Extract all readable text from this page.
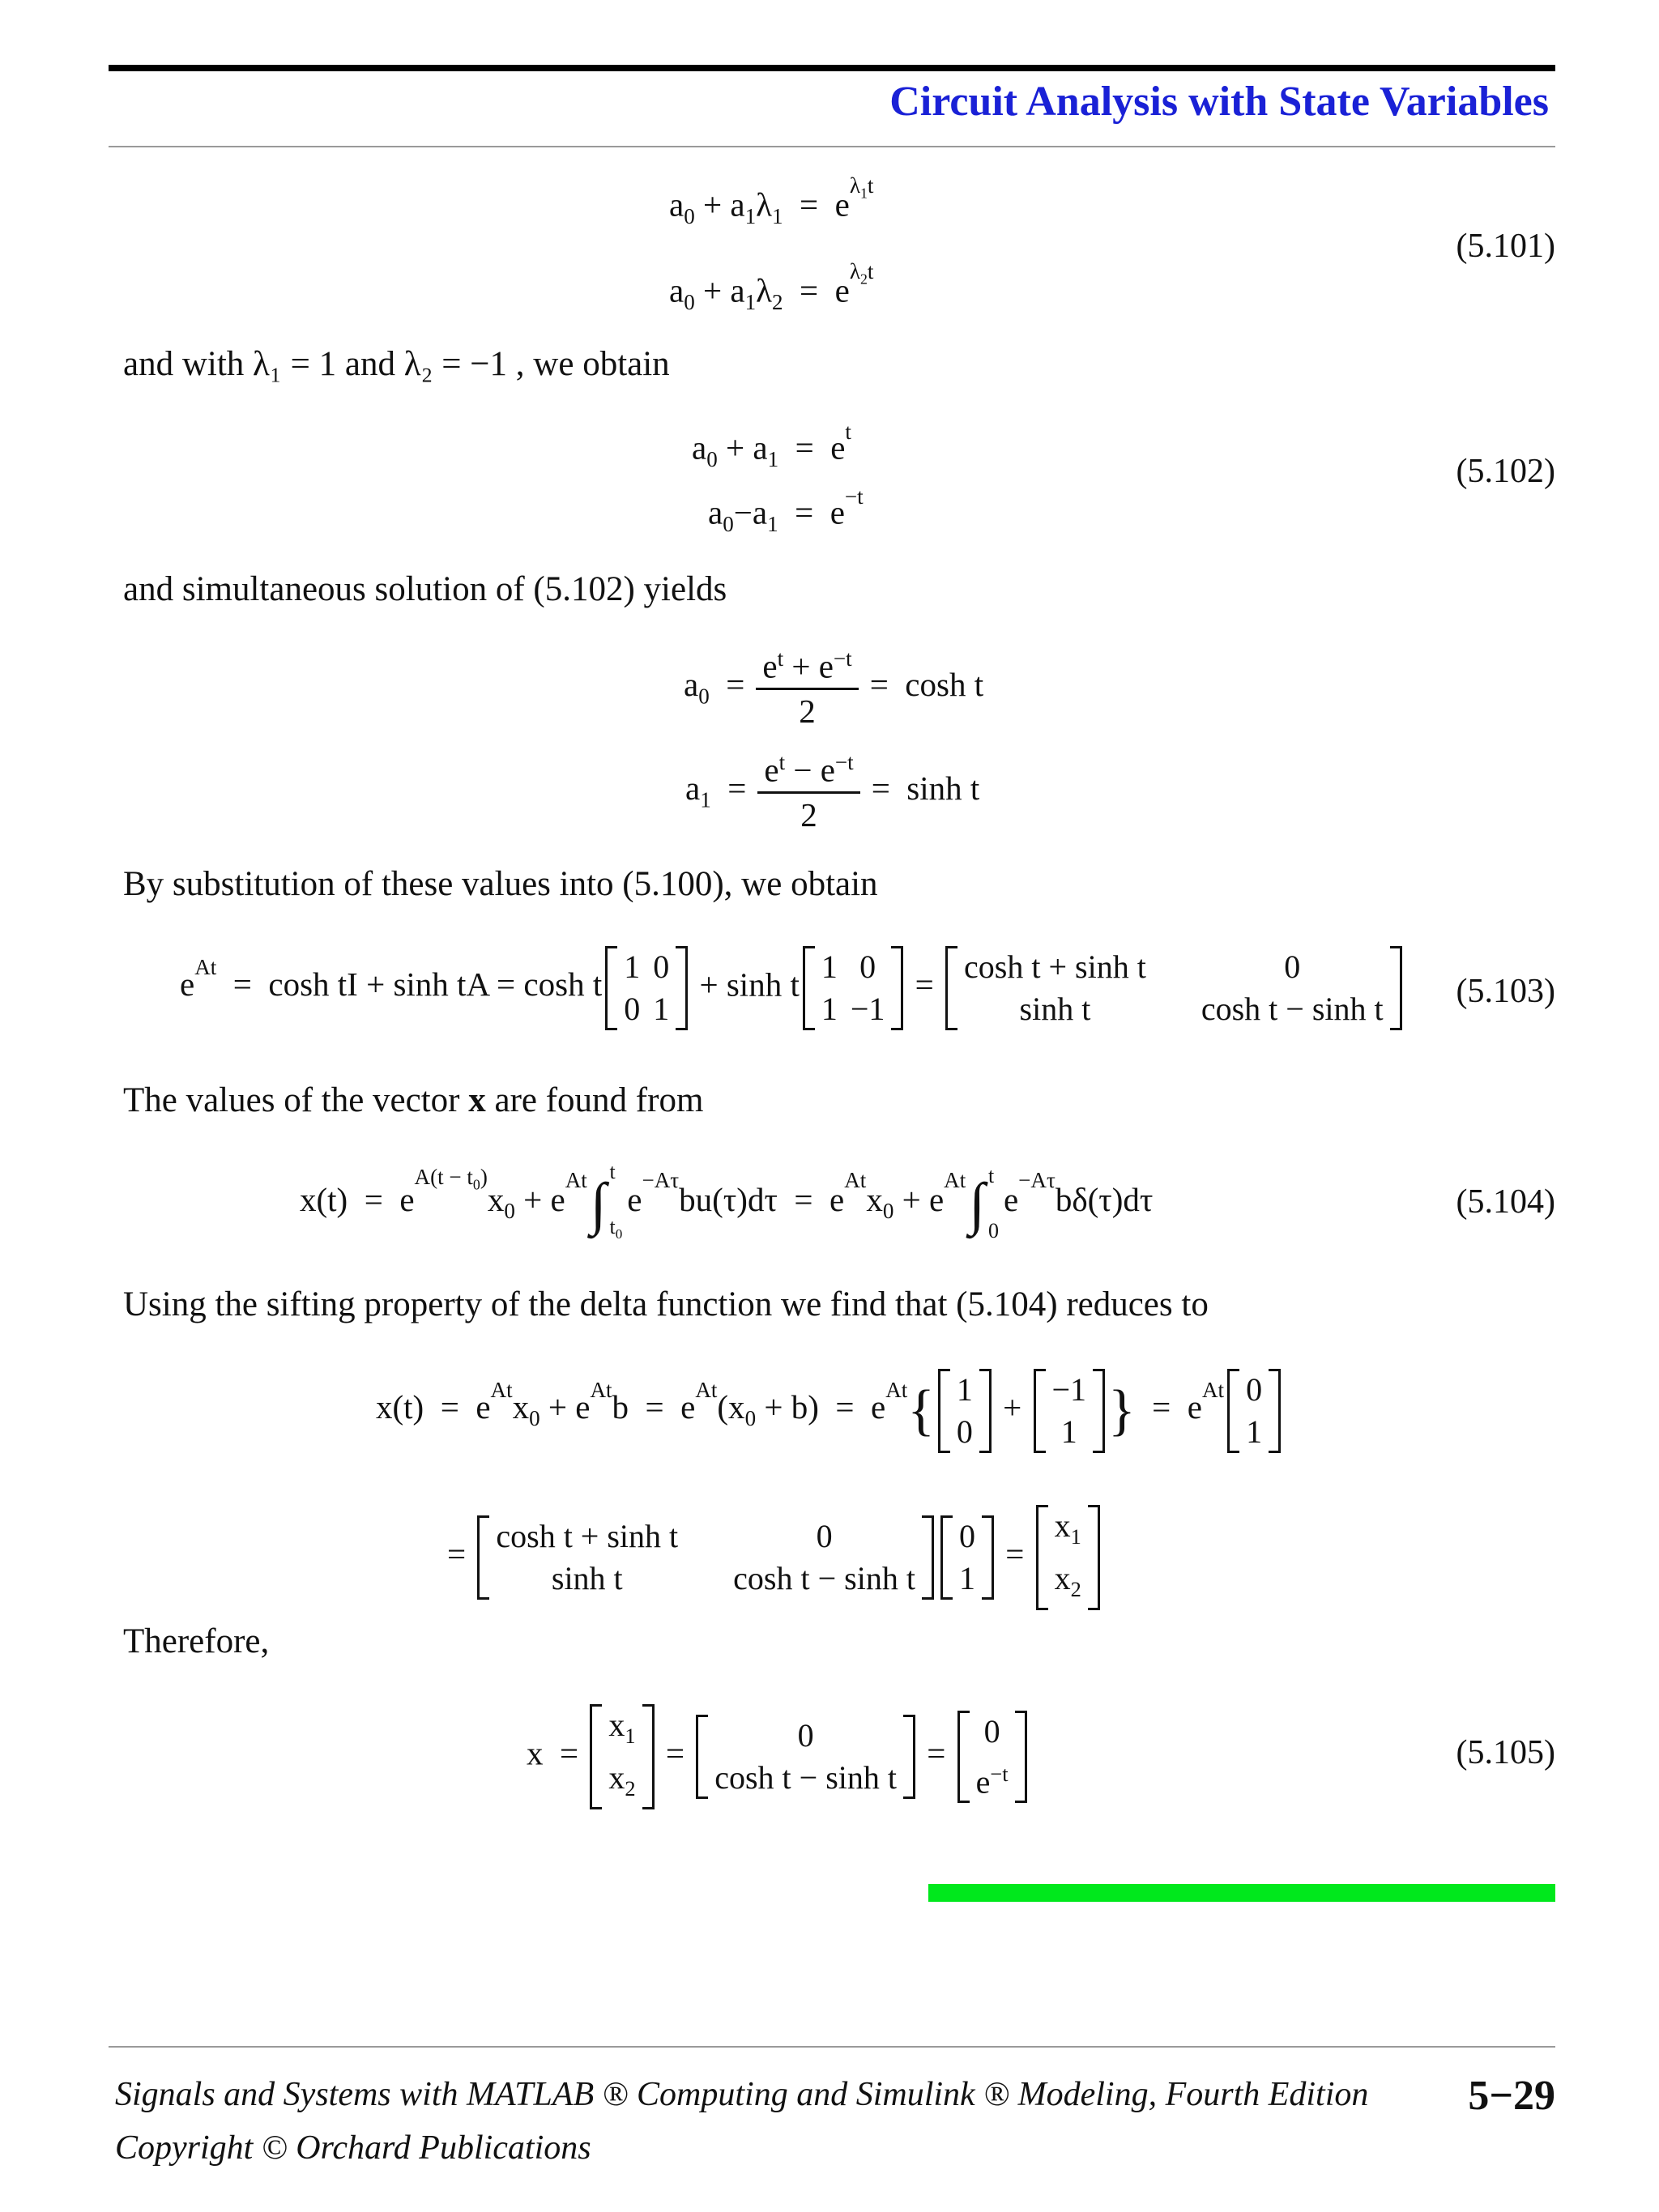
Circuit Analysis with State Variables
$a_0 + a_1\lambda_1 = e^{\lambda_1t}$
$a_0 + a_1\lambda_2 = e^{\lambda_2t}$
(5.101)
and with λ₁ = 1 and λ₂ = −1 , we obtain
$a_0 + a_1 = e^t$
$a_0-a_1 = e^{-t}$
(5.102)
and simultaneous solution of (5.102) yields
$a_0 = \frac{e^t + e^{-t}}{2} = \cosh t$
$a_1 = \frac{e^t - e^{-t}}{2} = \sinh t$
By substitution of these values into (5.100), we obtain
$e^{At} = \cosh$ tI + sinh tA = cosh t 1	0
0	1
+ sinh t 1	0
1	−1
= cosh t + sinh t	0
sinh t	cosh t − sinh t (5.103)
The values of the vector x are found from
$x(t) = e^{A(t - t_0)}x_0 + e^{At}\int$ t

$t_0e^{-A\tau}bu(\tau)d\tau = e^{At}x_0 + e^{At}\int$ t

$0e^{-A\tau}b\delta(\tau)d\tau$	(5.104)
Using the sifting property of the delta function we find that (5.104) reduces to
$x(t) = e^{At}x_0 + e^{At}b = e^{At}(x_0 + b) = e^{At}${ 1
0
+ −1
1 }  =  $e^{At}$ 0
1
= cosh t + sinh t	0
sinh t	cosh t − sinh t
0
1
=
$x_1$
$x_2$
Therefore,
x  =
$x_1$
$x_2$
=	0
cosh t − sinh t
=
0
$e^{-t}$
(5.105)
Signals and Systems with MATLAB ® Computing and Simulink ® Modeling, Fourth Edition
Copyright © Orchard Publications
5−29
